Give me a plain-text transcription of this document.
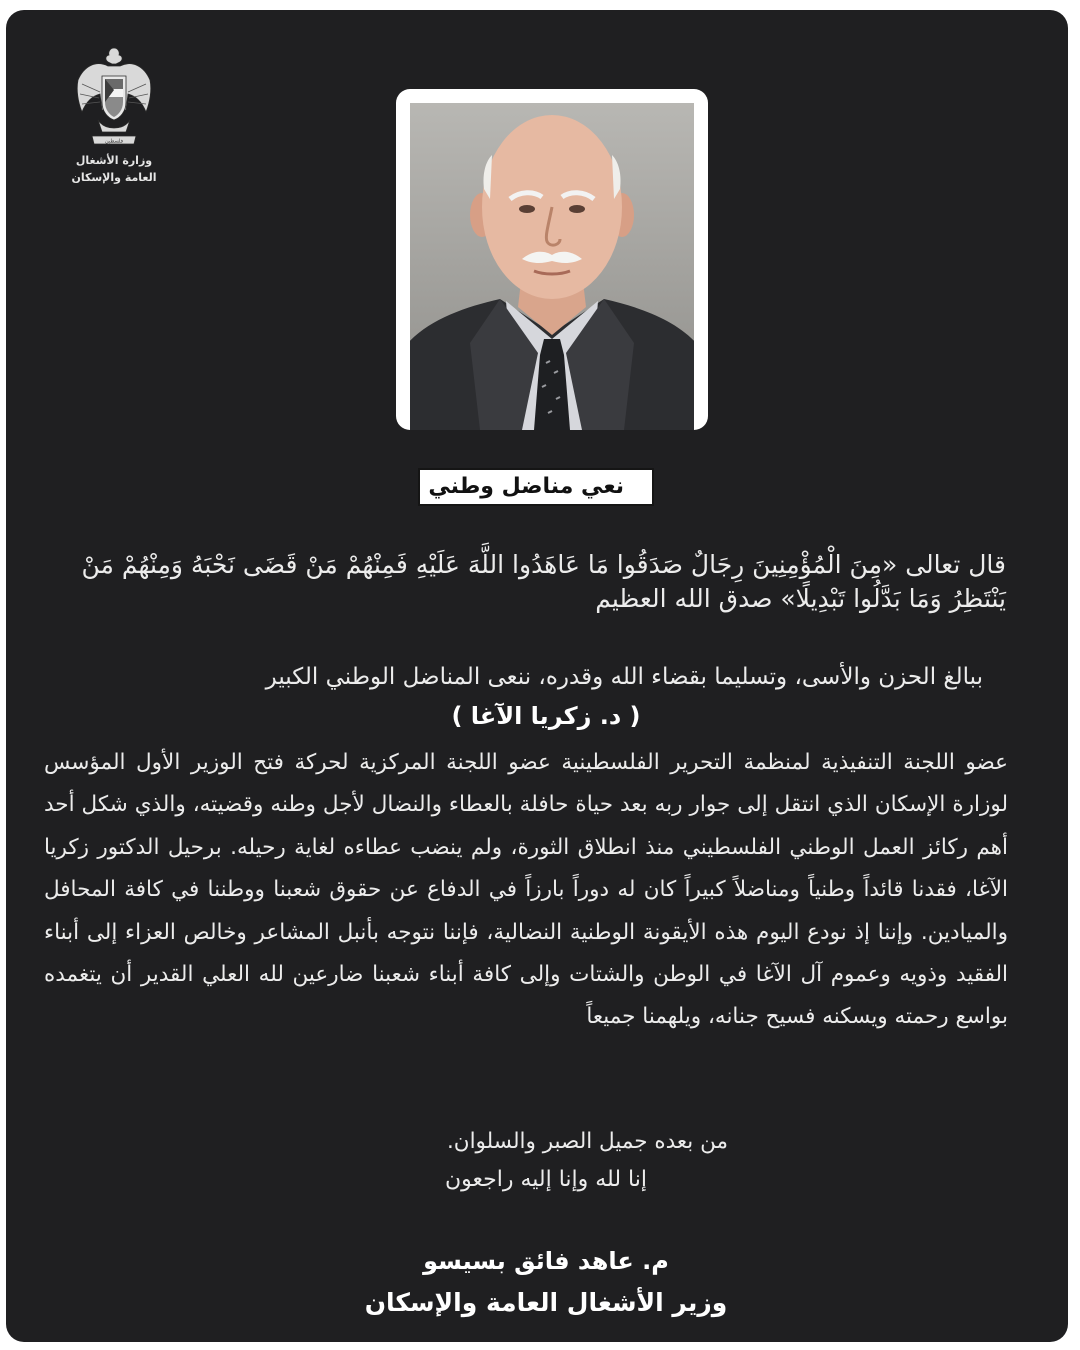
فلسطين
وزارة الأشغال
العامة والإسكان
نعي مناضل وطني
قال تعالى «مِنَ الْمُؤْمِنِينَ رِجَالٌ صَدَقُوا مَا عَاهَدُوا اللَّهَ عَلَيْهِ فَمِنْهُمْ مَنْ قَضَى نَحْبَهُ وَمِنْهُمْ مَنْ يَنْتَظِرُ وَمَا بَدَّلُوا تَبْدِيلًا» صدق الله العظيم
ببالغ الحزن والأسى، وتسليما بقضاء الله وقدره، ننعى المناضل الوطني الكبير
( د. زكريا الآغا )
عضو اللجنة التنفيذية لمنظمة التحرير الفلسطينية عضو اللجنة المركزية لحركة فتح الوزير الأول المؤسس لوزارة الإسكان الذي انتقل إلى جوار ربه بعد حياة حافلة بالعطاء والنضال لأجل وطنه وقضيته، والذي شكل أحد أهم ركائز العمل الوطني الفلسطيني منذ انطلاق الثورة، ولم ينضب عطاءه لغاية رحيله. برحيل الدكتور زكريا الآغا، فقدنا قائداً وطنياً ومناضلاً كبيراً كان له دوراً بارزاً في الدفاع عن حقوق شعبنا ووطننا في كافة المحافل والميادين. وإننا إذ نودع اليوم هذه الأيقونة الوطنية النضالية، فإننا نتوجه بأنبل المشاعر وخالص العزاء إلى أبناء الفقيد وذويه وعموم آل الآغا في الوطن والشتات وإلى كافة أبناء شعبنا ضارعين لله العلي القدير أن يتغمده بواسع رحمته ويسكنه فسيح جنانه، ويلهمنا جميعاً
من بعده جميل الصبر والسلوان.
إنا لله وإنا إليه راجعون
م. عاهد فائق بسيسو
وزير الأشغال العامة والإسكان
